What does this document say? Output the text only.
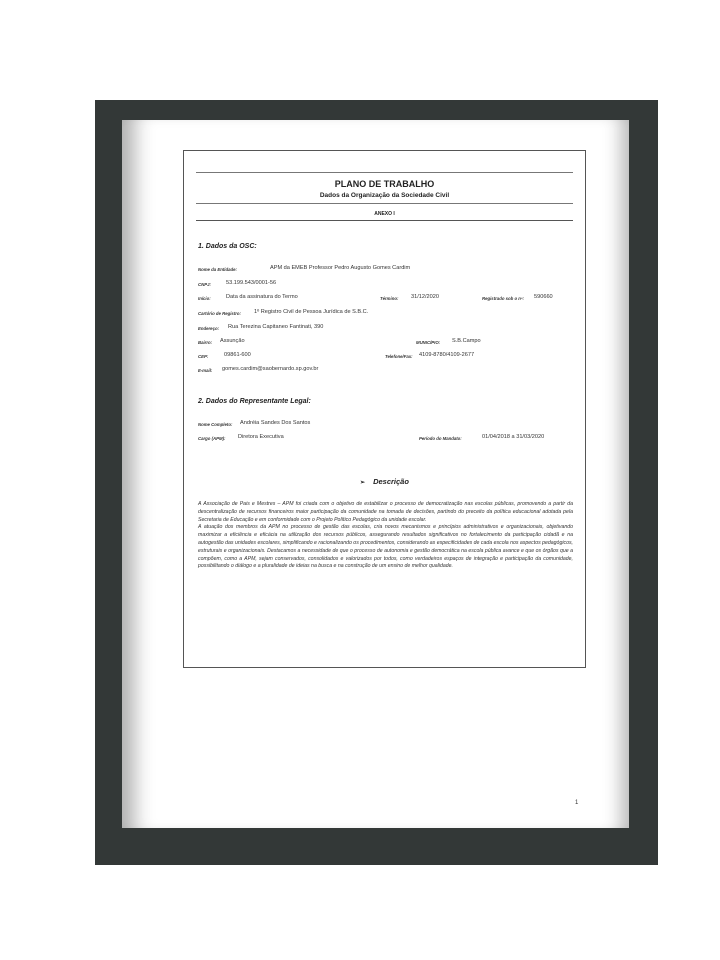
PLANO DE TRABALHO
Dados da Organização da Sociedade Civil
ANEXO I
1. Dados da OSC:
Nome da Entidade:	APM da EMEB Professor Pedro Augusto Gomes Cardim
CNPJ:	53.199.543/0001-56
Início:	Data da assinatura do Termo	Término: 31/12/2020	Registrado sob o nº: 590660
Cartório de Registro: 1º Registro Civil de Pessoa Jurídica de S.B.C.
Endereço: Rua Terezina Capitaneo Fantinati, 390
Bairro: Assunção	MUNICÍPIO: S.B.Campo
CEP:	09861-600	Telefone/Fax: 4109-8780/4109-2677
E-mail: gomes.cardim@saobernardo.sp.gov.br
2. Dados do Representante Legal:
Nome Completo: Andréia Sandes Dos Santos
Cargo (APM): Diretora Executiva	Período do Mandato:	01/04/2018 a 31/03/2020
➢ Descrição

A Associação de Pais e Mestres – APM foi criada com o objetivo de estabilizar o processo de democratização nas escolas públicas, promovendo a partir da descentralização de recursos financeiros maior participação da comunidade na tomada de decisões, partindo do preceito da política educacional adotada pela Secretaria de Educação e em conformidade com o Projeto Político Pedagógico da unidade escolar.

A atuação dos membros da APM no processo de gestão das escolas, cria novos mecanismos e princípios administrativos e organizacionais, objetivando maximizar a eficiência e eficácia na utilização dos recursos públicos, assegurando resultados significativos no fortalecimento da participação cidadã e na autogestão das unidades escolares, simplificando e racionalizando os procedimentos, considerando as especificidades de cada escola nos aspectos pedagógicos, estruturais e organizacionais. Destacamos a necessidade de que o processo de autonomia e gestão democrática na escola pública avance e que os órgãos que a compõem, como a APM, sejam conservados, consolidados e valorizados por todos, como verdadeiros espaços de integração e participação da comunidade, possibilitando o diálogo e a pluralidade de ideias na busca e na construção de um ensino de melhor qualidade.

1
